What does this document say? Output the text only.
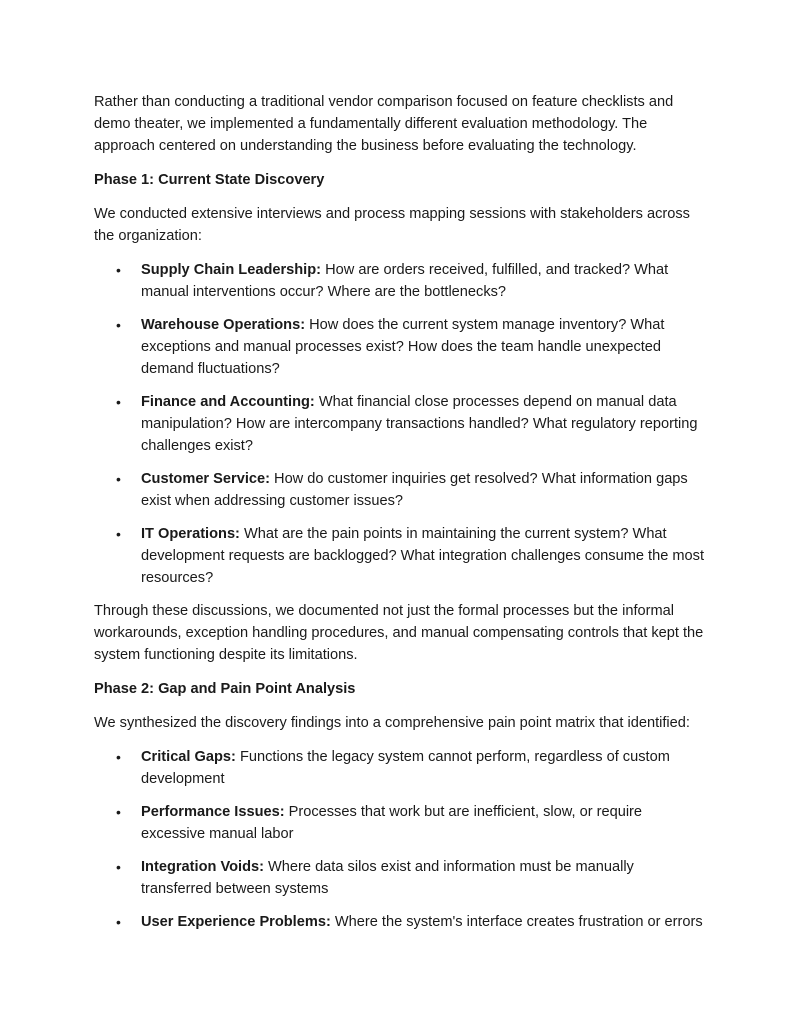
Rather than conducting a traditional vendor comparison focused on feature checklists and demo theater, we implemented a fundamentally different evaluation methodology. The approach centered on understanding the business before evaluating the technology.

Phase 1: Current State Discovery

We conducted extensive interviews and process mapping sessions with stakeholders across the organization:

• Supply Chain Leadership: How are orders received, fulfilled, and tracked? What manual interventions occur? Where are the bottlenecks?
• Warehouse Operations: How does the current system manage inventory? What exceptions and manual processes exist? How does the team handle unexpected demand fluctuations?
• Finance and Accounting: What financial close processes depend on manual data manipulation? How are intercompany transactions handled? What regulatory reporting challenges exist?
• Customer Service: How do customer inquiries get resolved? What information gaps exist when addressing customer issues?
• IT Operations: What are the pain points in maintaining the current system? What development requests are backlogged? What integration challenges consume the most resources?

Through these discussions, we documented not just the formal processes but the informal workarounds, exception handling procedures, and manual compensating controls that kept the system functioning despite its limitations.

Phase 2: Gap and Pain Point Analysis

We synthesized the discovery findings into a comprehensive pain point matrix that identified:

• Critical Gaps: Functions the legacy system cannot perform, regardless of custom development
• Performance Issues: Processes that work but are inefficient, slow, or require excessive manual labor
• Integration Voids: Where data silos exist and information must be manually transferred between systems
• User Experience Problems: Where the system's interface creates frustration or errors
